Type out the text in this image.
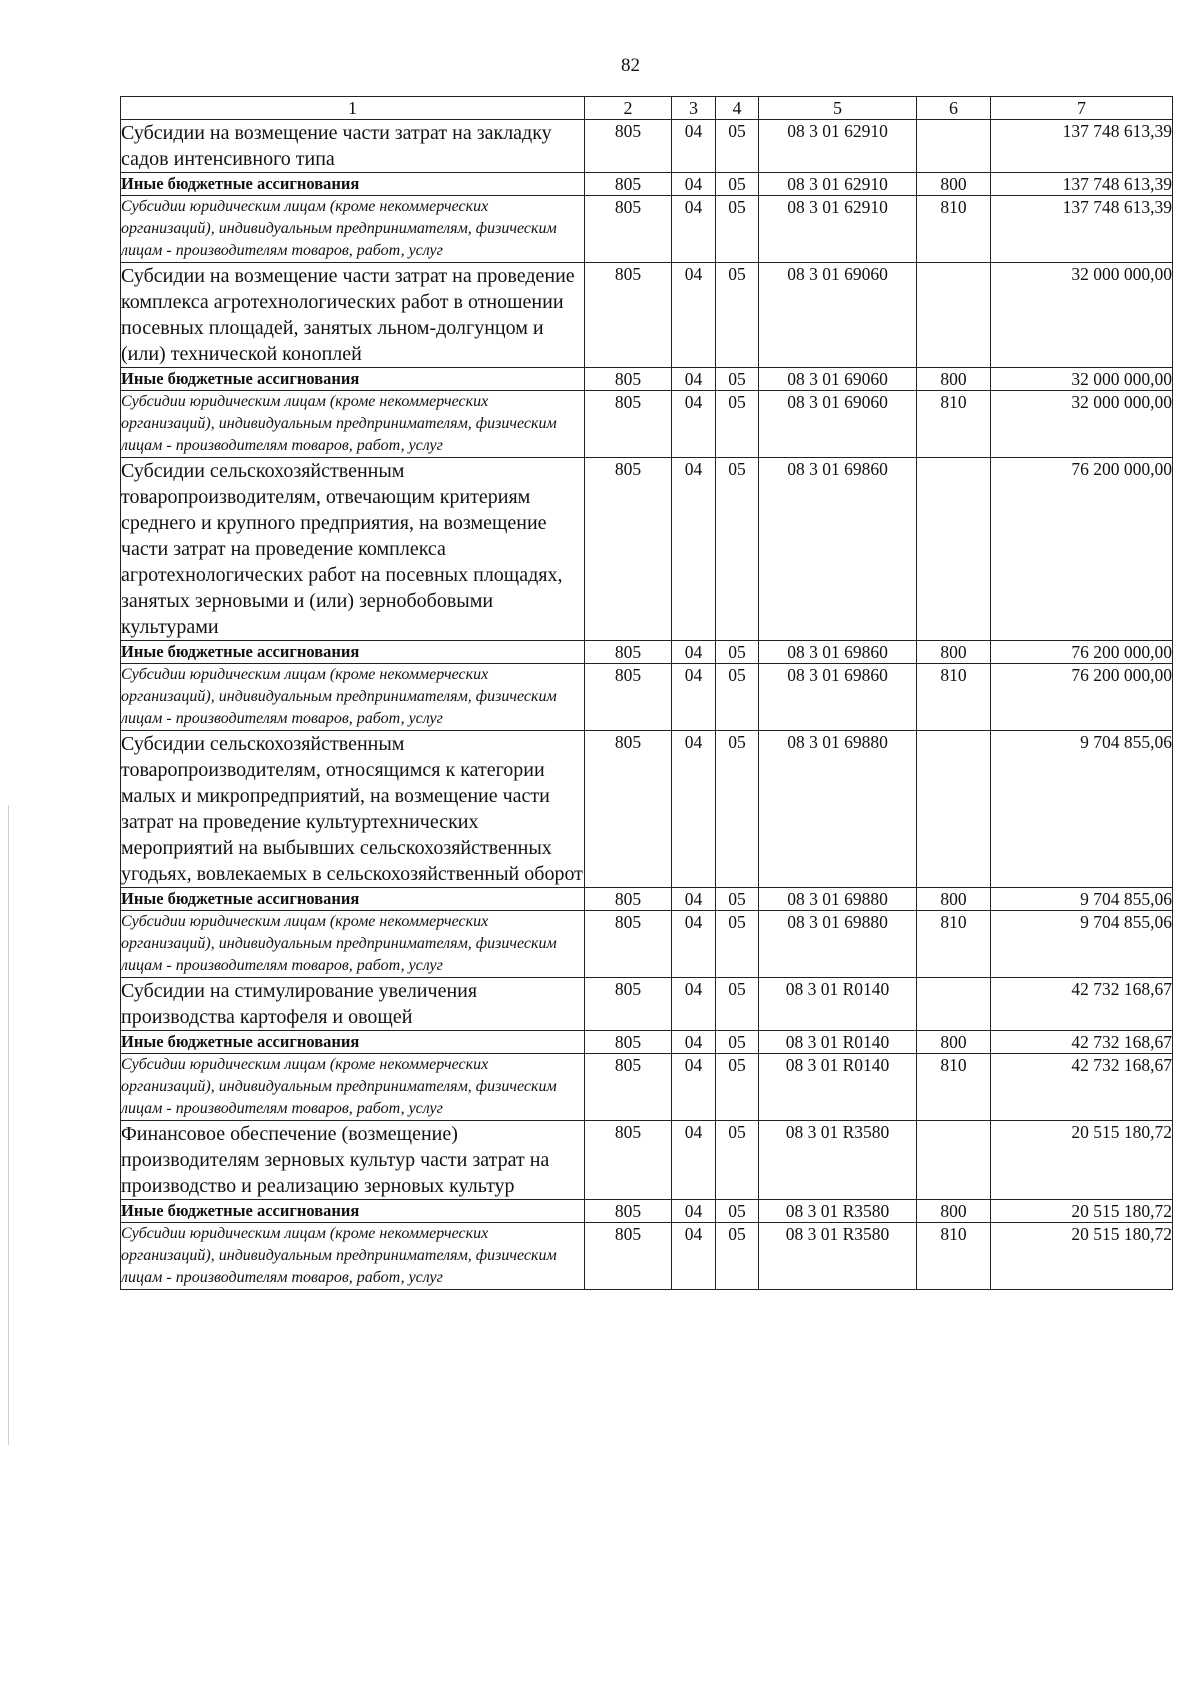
82
1	2	3	4	5	6	7
Субсидии на возмещение части затрат на закладку садов интенсивного типа	805	04	05	08 3 01 62910		137 748 613,39
Иные бюджетные ассигнования	805	04	05	08 3 01 62910	800	137 748 613,39
Субсидии юридическим лицам (кроме некоммерческих организаций), индивидуальным предпринимателям, физическим лицам - производителям товаров, работ, услуг	805	04	05	08 3 01 62910	810	137 748 613,39
Субсидии на возмещение части затрат на проведение комплекса агротехнологических работ в отношении посевных площадей, занятых льном-долгунцом и (или) технической коноплей	805	04	05	08 3 01 69060		32 000 000,00
Иные бюджетные ассигнования	805	04	05	08 3 01 69060	800	32 000 000,00
Субсидии юридическим лицам (кроме некоммерческих организаций), индивидуальным предпринимателям, физическим лицам - производителям товаров, работ, услуг	805	04	05	08 3 01 69060	810	32 000 000,00
Субсидии сельскохозяйственным товаропроизводителям, отвечающим критериям среднего и крупного предприятия, на возмещение части затрат на проведение комплекса агротехнологических работ на посевных площадях, занятых зерновыми и (или) зернобобовыми культурами	805	04	05	08 3 01 69860		76 200 000,00
Иные бюджетные ассигнования	805	04	05	08 3 01 69860	800	76 200 000,00
Субсидии юридическим лицам (кроме некоммерческих организаций), индивидуальным предпринимателям, физическим лицам - производителям товаров, работ, услуг	805	04	05	08 3 01 69860	810	76 200 000,00
Субсидии сельскохозяйственным товаропроизводителям, относящимся к категории малых и микропредприятий, на возмещение части затрат на проведение культуртехнических мероприятий на выбывших сельскохозяйственных угодьях, вовлекаемых в сельскохозяйственный оборот	805	04	05	08 3 01 69880		9 704 855,06
Иные бюджетные ассигнования	805	04	05	08 3 01 69880	800	9 704 855,06
Субсидии юридическим лицам (кроме некоммерческих организаций), индивидуальным предпринимателям, физическим лицам - производителям товаров, работ, услуг	805	04	05	08 3 01 69880	810	9 704 855,06
Субсидии на стимулирование увеличения производства картофеля и овощей	805	04	05	08 3 01 R0140		42 732 168,67
Иные бюджетные ассигнования	805	04	05	08 3 01 R0140	800	42 732 168,67
Субсидии юридическим лицам (кроме некоммерческих организаций), индивидуальным предпринимателям, физическим лицам - производителям товаров, работ, услуг	805	04	05	08 3 01 R0140	810	42 732 168,67
Финансовое обеспечение (возмещение) производителям зерновых культур части затрат на производство и реализацию зерновых культур	805	04	05	08 3 01 R3580		20 515 180,72
Иные бюджетные ассигнования	805	04	05	08 3 01 R3580	800	20 515 180,72
Субсидии юридическим лицам (кроме некоммерческих организаций), индивидуальным предпринимателям, физическим лицам - производителям товаров, работ, услуг	805	04	05	08 3 01 R3580	810	20 515 180,72
